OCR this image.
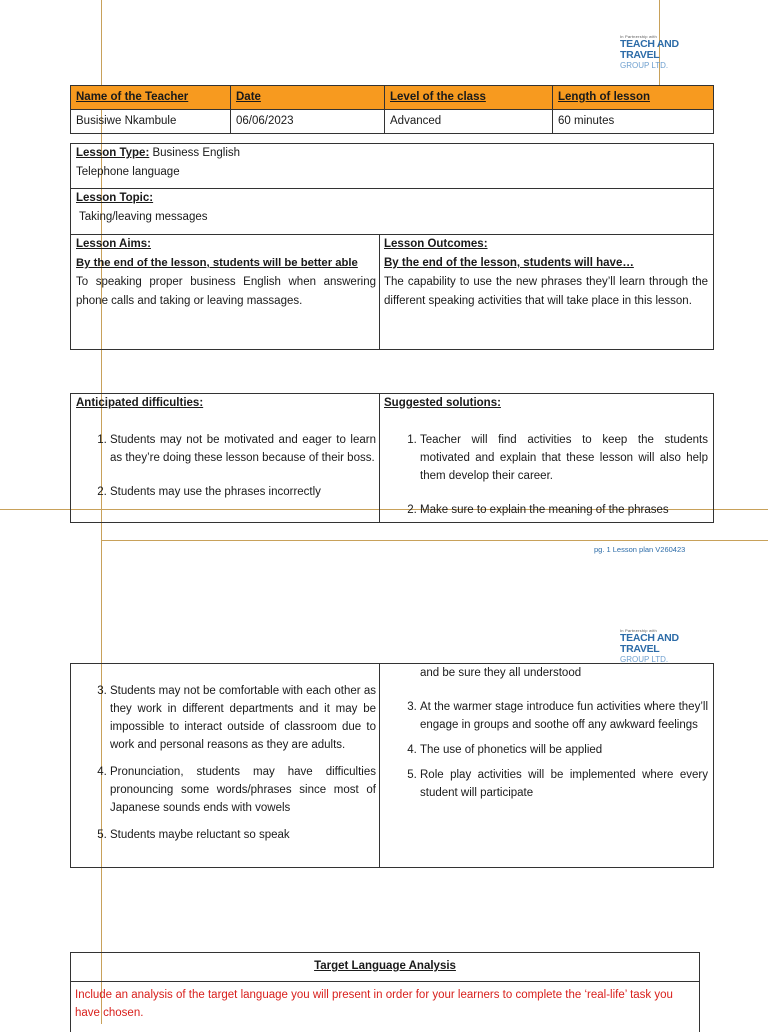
In Partnership with
TEACH AND TRAVEL
GROUP LTD.
Name of the Teacher	Date	Level of the class	Length of lesson
Busisiwe Nkambule	06/06/2023	Advanced	60 minutes
Lesson Type: Business English
Telephone language
Lesson Topic:
Taking/leaving messages
Lesson Aims:
By the end of the lesson, students will be better able
To speaking proper business English when answering phone calls and taking or leaving massages.
Lesson Outcomes:
By the end of the lesson, students will have…
The capability to use the new phrases they’ll learn through the different speaking activities that will take place in this lesson.
Anticipated difficulties:
1. Students may not be motivated and eager to learn as they’re doing these lesson because of their boss.
2. Students may use the phrases incorrectly
Suggested solutions:
1. Teacher will find activities to keep the students motivated and explain that these lesson will also help them develop their career.
2. Make sure to explain the meaning of the phrases
pg. 1 Lesson plan V260423
In Partnership with
TEACH AND TRAVEL
GROUP LTD.
3. Students may not be comfortable with each other as they work in different departments and it may be impossible to interact outside of classroom due to work and personal reasons as they are adults.
4. Pronunciation, students may have difficulties pronouncing some words/phrases since most of Japanese sounds ends with vowels
5. Students maybe reluctant so speak
and be sure they all understood
3. At the warmer stage introduce fun activities where they’ll engage in groups and soothe off any awkward feelings
4. The use of phonetics will be applied
5. Role play activities will be implemented where every student will participate
Target Language Analysis
Include an analysis of the target language you will present in order for your learners to complete the ‘real-life’ task you have chosen.
